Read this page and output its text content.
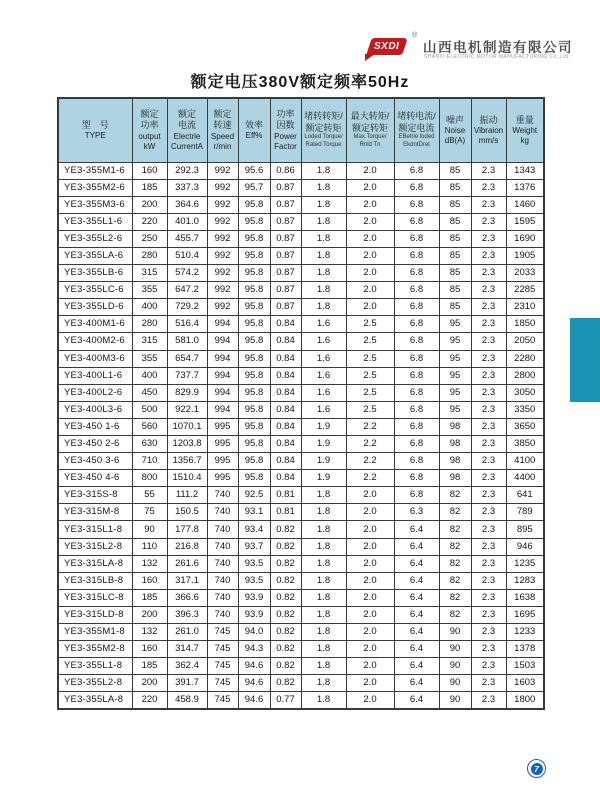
SXDI
®
山西电机制造有限公司
SHANXI ELECTRIC MOTOR MANUFACTURING Co.,Ltd.
额定电压380V额定频率50Hz
型　号
TYPE

额定
功率
output
kW

额定
电流
Electrle
CurrentA

额定
转速
Speed
r/min

效率
Eff%

功率
因数
Power
Factor

堵转转矩/
额定转矩
Loded Torque/
Rated Torque

最大转矩/
额定转矩
Max.Torque/
Rnld Tn

堵转电流/
额定电流
EBetrie loded
EkdntDret

噪声
Noise
dB(A)

振动
Vibraion
mm/s

重量
Weight
kg

YE3-355M1-6	160	292.3	992	95.6	0.86	1.8	2.0	6.8	85	2.3	1343
YE3-355M2-6	185	337.3	992	95.7	0.87	1.8	2.0	6.8	85	2.3	1376
YE3-355M3-6	200	364.6	992	95.8	0.87	1.8	2.0	6.8	85	2.3	1460
YE3-355L1-6	220	401.0	992	95.8	0.87	1.8	2.0	6.8	85	2.3	1595
YE3-355L2-6	250	455.7	992	95.8	0.87	1.8	2.0	6.8	85	2.3	1690
YE3-355LA-6	280	510.4	992	95.8	0.87	1.8	2.0	6.8	85	2.3	1905
YE3-355LB-6	315	574.2	992	95.8	0.87	1.8	2.0	6.8	85	2.3	2033
YE3-355LC-6	355	647.2	992	95.8	0.87	1.8	2.0	6.8	85	2.3	2285
YE3-355LD-6	400	729.2	992	95.8	0.87	1.8	2.0	6.8	85	2.3	2310
YE3-400M1-6	280	516.4	994	95.8	0.84	1.6	2.5	6.8	95	2.3	1850
YE3-400M2-6	315	581.0	994	95.8	0.84	1.6	2.5	6.8	95	2.3	2050
YE3-400M3-6	355	654.7	994	95.8	0.84	1.6	2.5	6.8	95	2.3	2280
YE3-400L1-6	400	737.7	994	95.8	0.84	1.6	2.5	6.8	95	2.3	2800
YE3-400L2-6	450	829.9	994	95.8	0.84	1.6	2.5	6.8	95	2.3	3050
YE3-400L3-6	500	922.1	994	95.8	0.84	1.6	2.5	6.8	95	2.3	3350
YE3-450 1-6	560	1070.1	995	95.8	0.84	1.9	2.2	6.8	98	2.3	3650
YE3-450 2-6	630	1203.8	995	95.8	0.84	1.9	2.2	6.8	98	2.3	3850
YE3-450 3-6	710	1356.7	995	95.8	0.84	1.9	2.2	6.8	98	2.3	4100
YE3-450 4-6	800	1510.4	995	95.8	0.84	1.9	2.2	6.8	98	2.3	4400
YE3-315S-8	55	111.2	740	92.5	0.81	1.8	2.0	6.8	82	2.3	641
YE3-315M-8	75	150.5	740	93.1	0.81	1.8	2.0	6.3	82	2.3	789
YE3-315L1-8	90	177.8	740	93.4	0.82	1.8	2.0	6.4	82	2.3	895
YE3-315L2-8	110	216.8	740	93.7	0.82	1.8	2.0	6.4	82	2.3	946
YE3-315LA-8	132	261.6	740	93.5	0.82	1.8	2.0	6.4	82	2.3	1235
YE3-315LB-8	160	317.1	740	93.5	0.82	1.8	2.0	6.4	82	2.3	1283
YE3-315LC-8	185	366.6	740	93.9	0.82	1.8	2.0	6.4	82	2.3	1638
YE3-315LD-8	200	396.3	740	93.9	0.82	1.8	2.0	6.4	82	2.3	1695
YE3-355M1-8	132	261.0	745	94.0	0.82	1.8	2.0	6.4	90	2.3	1233
YE3-355M2-8	160	314.7	745	94.3	0.82	1.8	2.0	6.4	90	2.3	1378
YE3-355L1-8	185	362.4	745	94.6	0.82	1.8	2.0	6.4	90	2.3	1503
YE3-355L2-8	200	391.7	745	94.6	0.82	1.8	2.0	6.4	90	2.3	1603
YE3-355LA-8	220	458.9	745	94.6	0.77	1.8	2.0	6.4	90	2.3	1800
7
